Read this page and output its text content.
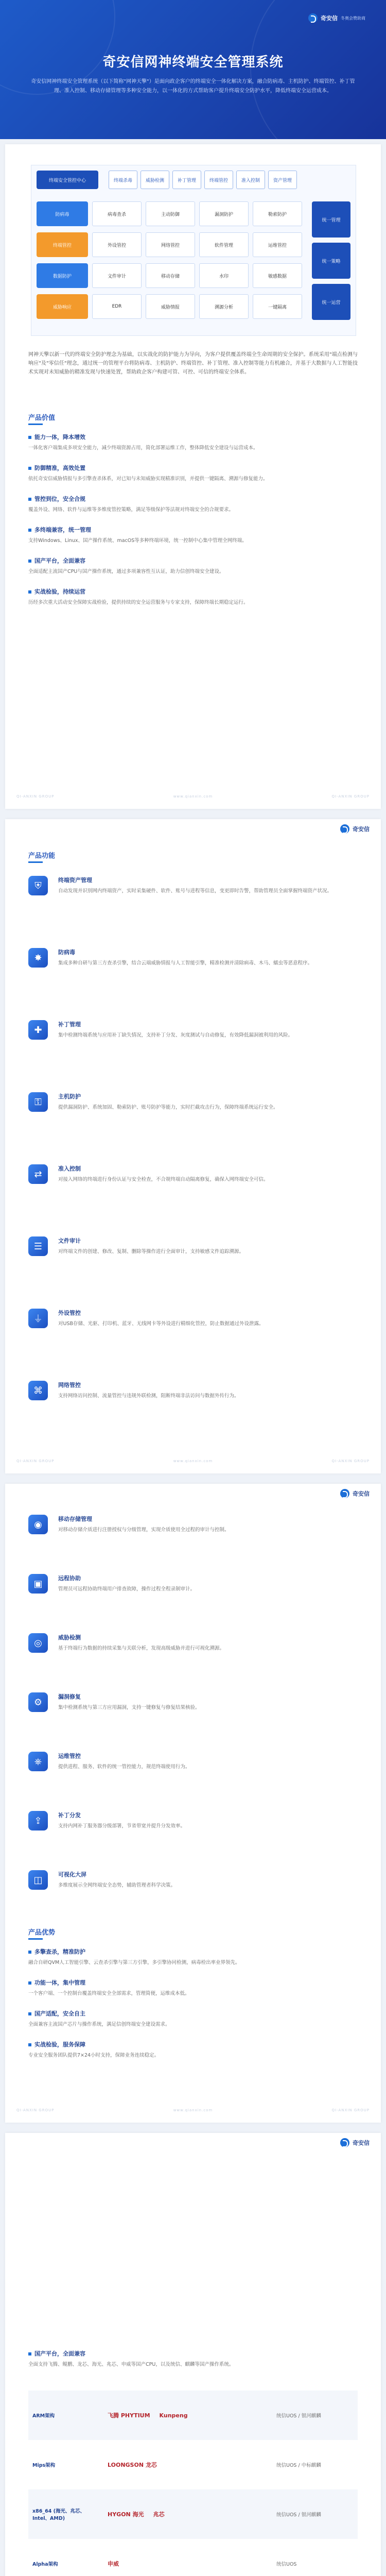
奇安信 冬奥会赞助商
奇安信网神终端安全管理系统

奇安信网神终端安全管理系统（以下简称"网神天擎"）是面向政企客户的终端安全一体化解决方案，融合防病毒、主机防护、终端管控、补丁管理、准入控制、移动存储管理等多种安全能力，以一体化的方式帮助客户提升终端安全防护水平，降低终端安全运营成本。

终端安全管控中心	终端杀毒	威胁检测	补丁管理	终端管控	准入控制	资产管理
防病毒	病毒查杀	主动防御	漏洞防护	勒索防护
终端管控	外设管控	网络管控	软件管理	运维管控
数据防护	文件审计	移动存储	水印	敏感数据
威胁响应	EDR	威胁情报	溯源分析	一键隔离
统一管理
统一策略
统一运营

网神天擎以新一代的终端安全防护理念为基础，以实战化的防护能力为导向，为客户提供覆盖终端全生命周期的安全保护。系统采用"端点检测与响应"及"零信任"理念，通过统一的管理平台将防病毒、主机防护、终端管控、补丁管理、准入控制等能力有机融合，并基于大数据与人工智能技术实现对未知威胁的精准发现与快速处置，帮助政企客户构建可管、可控、可信的终端安全体系。

产品价值
能力一体，降本增效

一体化客户端集成多项安全能力，减少终端资源占用，简化部署运维工作，整体降低安全建设与运营成本。

防御精准，高效处置

依托奇安信威胁情报与多引擎查杀体系，对已知与未知威胁实现精准识别，并提供一键隔离、溯源与修复能力。

管控到位，安全合规

覆盖外设、网络、软件与运维等多维度管控策略，满足等级保护等法规对终端安全的合规要求。

多终端兼容，统一管理

支持Windows、Linux、国产操作系统、macOS等多种终端环境，统一控制中心集中管理全网终端。

国产平台，全面兼容

全面适配主流国产CPU与国产操作系统，通过多项兼容性互认证，助力信创终端安全建设。

实战检验，持续运营

历经多次重大活动安全保障实战检验，提供持续的安全运营服务与专家支持，保障终端长期稳定运行。

QI-ANXIN GROUP	www.qianxin.com	QI-ANXIN GROUP
奇安信
产品功能
⛨	终端资产管理

自动发现并识别网内终端资产，实时采集硬件、软件、账号与进程等信息，变更即时告警，帮助管理员全面掌握终端资产状况。

✸	防病毒

集成多种自研与第三方查杀引擎，结合云端威胁情报与人工智能引擎，精准检测并清除病毒、木马、蠕虫等恶意程序。

✚	补丁管理

集中检测终端系统与应用补丁缺失情况，支持补丁分发、灰度测试与自动修复，有效降低漏洞被利用的风险。

⚿	主机防护

提供漏洞防护、系统加固、勒索防护、账号防护等能力，实时拦截攻击行为，保障终端系统运行安全。

⇄	准入控制

对接入网络的终端进行身份认证与安全检查，不合规终端自动隔离修复，确保入网终端安全可信。

☰	文件审计

对终端文件的创建、修改、复制、删除等操作进行全面审计，支持敏感文件追踪溯源。

⏚
外设管控

对USB存储、光驱、打印机、蓝牙、无线网卡等外设进行精细化管控，防止数据通过外设泄露。

⌘	网络管控

支持网络访问控制、流量管控与违规外联检测，阻断终端非法访问与数据外传行为。

QI-ANXIN GROUP	www.qianxin.com	QI-ANXIN GROUP
奇安信
◉	移动存储管理

对移动存储介质进行注册授权与分级管理，实现介质使用全过程的审计与控制。

▣	远程协助

管理员可远程协助终端用户排查故障，操作过程全程录制审计。

◎	威胁检测

基于终端行为数据的持续采集与关联分析，发现高级威胁并进行可视化溯源。

⚙	漏洞修复

集中检测系统与第三方应用漏洞，支持一键修复与修复结果核验。

⎈	运维管控

提供进程、服务、软件的统一管控能力，规范终端使用行为。

⇪	补丁分发

支持内网补丁服务器分级部署，节省带宽并提升分发效率。

◫	可视化大屏

多维度展示全网终端安全态势，辅助管理者科学决策。

产品优势
多擎查杀，精准防护

融合自研QVM人工智能引擎、云查杀引擎与第三方引擎，多引擎协同检测，病毒检出率业界领先。

功能一体，集中管理

一个客户端、一个控制台覆盖终端安全全部需求，管理简便，运维成本低。

国产适配，安全自主

全面兼容主流国产芯片与操作系统，满足信创终端安全建设需求。

实战检验，服务保障

专业安全服务团队提供7×24小时支持，保障业务连续稳定。

QI-ANXIN GROUP	www.qianxin.com	QI-ANXIN GROUP
奇安信
国产平台，全面兼容

全面支持飞腾、鲲鹏、龙芯、海光、兆芯、申威等国产CPU，以及统信、麒麟等国产操作系统。

ARM架构	飞腾 PHYTIUM Kunpeng	统信UOS / 银河麒麟
Mips架构	LOONGSON 龙芯	统信UOS / 中标麒麟
x86_64 (海光、兆芯、Intel、AMD)	HYGON 海光 兆芯	统信UOS / 银河麒麟
Alpha架构	申威	统信UOS
